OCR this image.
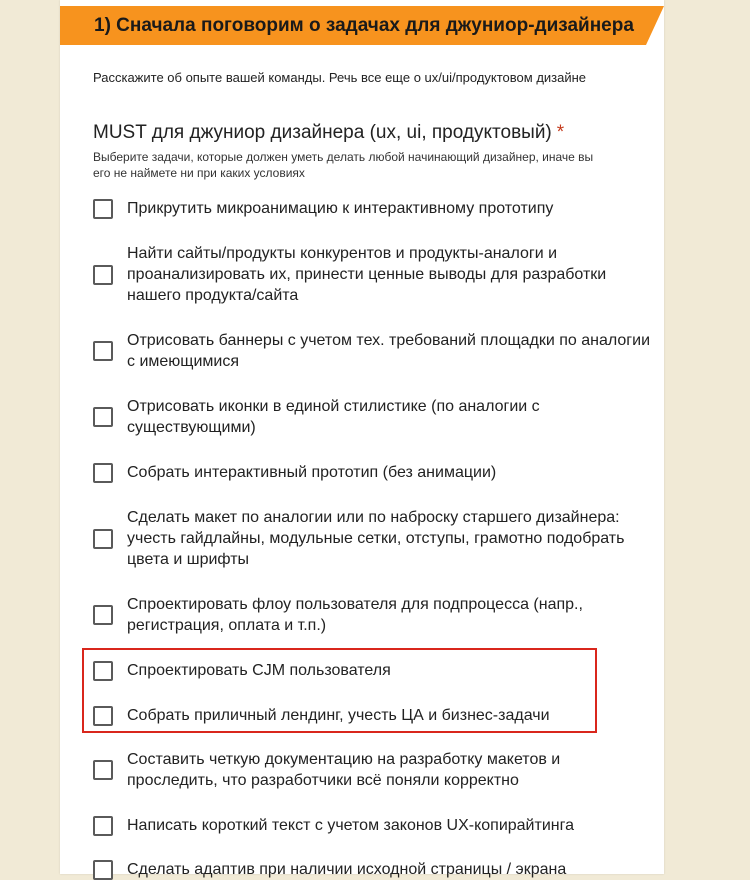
1) Сначала поговорим о задачах для джуниор-дизайнера
Расскажите об опыте вашей команды. Речь все еще о ux/ui/продуктовом дизайне
MUST для джуниор дизайнера (ux, ui, продуктовый) *
Выберите задачи, которые должен уметь делать любой начинающий дизайнер, иначе вы
его не наймете ни при каких условиях
Прикрутить микроанимацию к интерактивному прототипу
Найти сайты/продукты конкурентов и продукты-аналоги и проанализировать их, принести ценные выводы для разработки нашего продукта/сайта
Отрисовать баннеры с учетом тех. требований площадки по аналогии с имеющимися
Отрисовать иконки в единой стилистике (по аналогии с существующими)
Собрать интерактивный прототип (без анимации)
Сделать макет по аналогии или по наброску старшего дизайнера: учесть гайдлайны, модульные сетки, отступы, грамотно подобрать цвета и шрифты
Спроектировать флоу пользователя для подпроцесса (напр., регистрация, оплата и т.п.)
Спроектировать CJM пользователя
Собрать приличный лендинг, учесть ЦА и бизнес-задачи
Составить четкую документацию на разработку макетов и проследить, что разработчики всё поняли корректно
Написать короткий текст с учетом законов UX-копирайтинга
Сделать адаптив при наличии исходной страницы / экрана
